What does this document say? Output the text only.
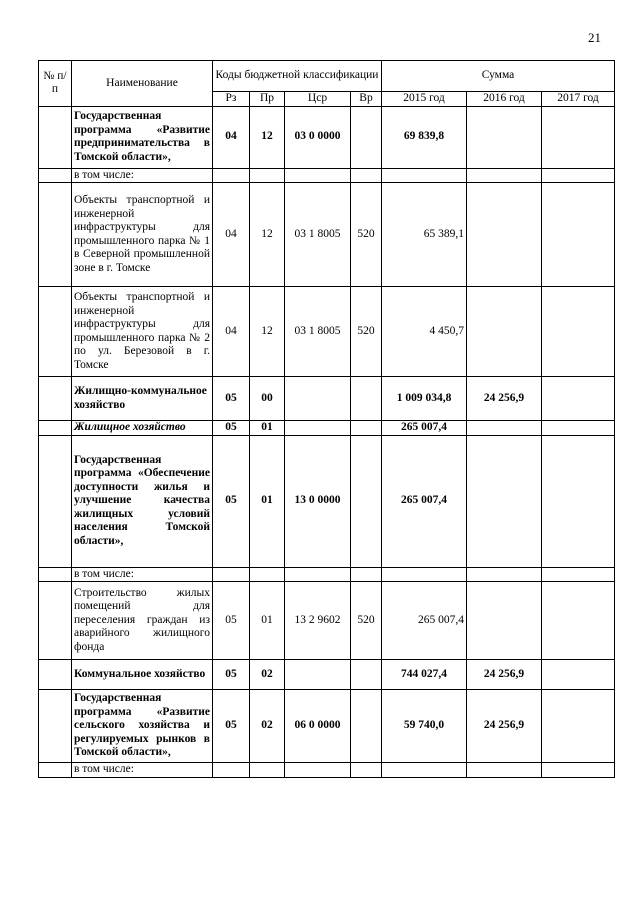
21
№ п/п	Наименование	Коды бюджетной классификации				Сумма		
		Рз	Пр	Цср	Вр	2015 год	2016 год	2017 год
	Государственная программа «Развитие предпринимательства в Томской области»,	04	12	03 0 0000		69 839,8		
	в том числе:							
	Объекты транспортной и инженерной инфраструктуры для промышленного парка № 1 в Северной промышленной зоне в г. Томске	04	12	03 1 8005	520	65 389,1		
	Объекты транспортной и инженерной инфраструктуры для промышленного парка № 2 по ул. Березовой в г. Томске	04	12	03 1 8005	520	4 450,7		
	Жилищно-коммунальное хозяйство	05	00			1 009 034,8	24 256,9	
	Жилищное хозяйство	05	01			265 007,4		
	Государственная программа «Обеспечение доступности жилья и улучшение качества жилищных условий населения Томской области»,	05	01	13 0 0000		265 007,4		
	в том числе:							
	Строительство жилых помещений для переселения граждан из аварийного жилищного фонда	05	01	13 2 9602	520	265 007,4		
	Коммунальное хозяйство	05	02			744 027,4	24 256,9	
	Государственная программа «Развитие сельского хозяйства и регулируемых рынков в Томской области»,	05	02	06 0 0000		59 740,0	24 256,9	
	в том числе:							
